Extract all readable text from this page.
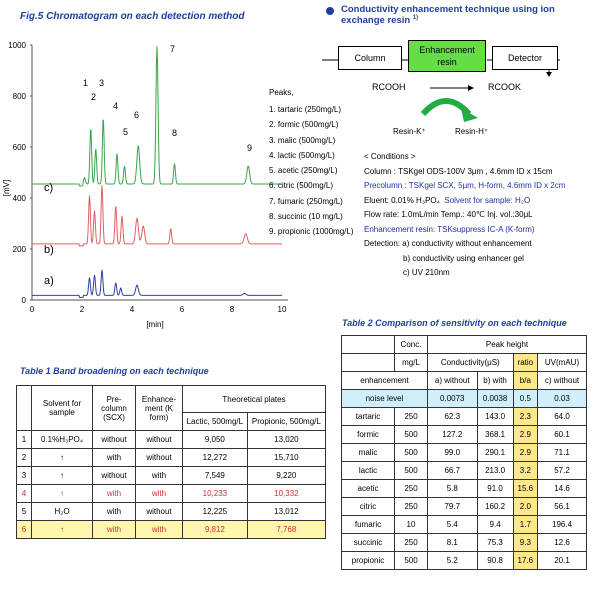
Fig.5 Chromatogram on each detection method
1000
800
600
400
200
0
0	2	4	6	8	10
[min]
[mV]	c)
b)
a)
1
2
3
4
5
6
7
8
9
Peaks,
1. tartaric (250mg/L)
2. formic (500mg/L)
3. malic (500mg/L)
4. lactic (500mg/L)
5. acetic (250mg/L)
6. citric (500mg/L)
7. fumaric (250mg/L)
8. succinic (10 mg/L)
9. propionic (1000mg/L)
Conductivity enhancement technique using ion exchange resin $^{1)}$
Column
Enhancement
resin	Detector
RCOOH	RCOOK
Resin-K⁺	Resin-H⁺
< Conditions >
Column : TSKgel ODS-100V 3μm , 4.6mm ID x 15cm
Precolumn : TSKgel SCX, 5μm, H-form, 4.6mm ID x 2cm
Eluent: 0.01% H₃PO₄ Solvent for sample: H₂O
Flow rate: 1.0mL/min Temp.: 40℃ Inj. vol.:30μL
Enhancement resin: TSKsuppress IC-A (K-form)
Detection: a) conductivity without enhancement
b) conductivity using enhancer gel
c) UV 210nm
Table 1 Band broadening on each technique
	Solvent for sample	Pre-column (SCX)	Enhance-ment (K form)	Theoretical plates	
				Lactic, 500mg/L	Propionic, 500mg/L
1	0.1%H₃PO₄	without	without	9,050	13,020
2	↑	with	without	12,272	15,710
3	↑	without	with	7,549	9,220
4	↑	with	with	10,233	10,332
5	H₂O	with	without	12,225	13,012
6	↑	with	with	9,812	7,768
Table 2 Comparison of sensitivity on each technique
	Conc.	Peak height			
	mg/L	Conductivity(μS)		ratio	UV(mAU)
enhancement		a) without	b) with	b/a	c) without
noise level		0.0073	0.0038	0.5	0.03
tartaric	250	62.3	143.0	2.3	64.0
formic	500	127.2	368.1	2.9	60.1
malic	500	99.0	290.1	2.9	71.1
lactic	500	66.7	213.0	3.2	57.2
acetic	250	5.8	91.0	15.6	14.6
citric	250	79.7	160.2	2.0	56.1
fumaric	10	5.4	9.4	1.7	196.4
succinic	250	8.1	75.3	9.3	12.6
propionic	500	5.2	90.8	17.6	20.1
